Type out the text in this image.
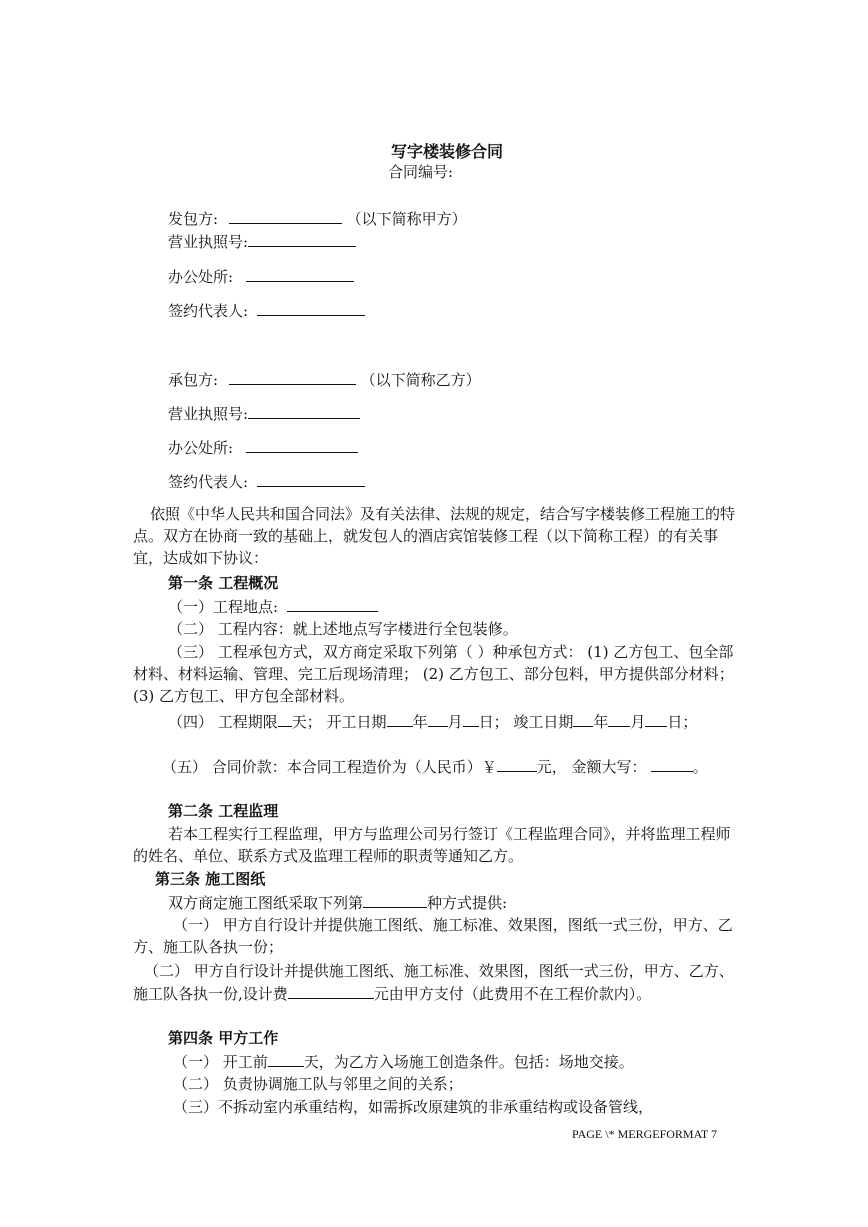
写字楼装修合同
合同编号:
发包方:	（以下简称甲方）
营业执照号:
办公处所:
签约代表人:
承包方:	（以下简称乙方）
营业执照号:
办公处所:
签约代表人:
依照《中华人民共和国合同法》及有关法律、法规的规定，结合写字楼装修工程施工的特点。双方在协商一致的基础上，就发包人的酒店宾馆装修工程（以下简称工程）的有关事宜，达成如下协议：
第一条 工程概况
（一）工程地点:
（二） 工程内容：就上述地点写字楼进行全包装修。
（三） 工程承包方式，双方商定采取下列第（ ）种承包方式： (1) 乙方包工、包全部材料、材料运输、管理、完工后现场清理； (2) 乙方包工、部分包料，甲方提供部分材料； (3) 乙方包工、甲方包全部材料。
（四） 工程期限 天； 开工日期 年 月 日； 竣工日期 年 月 日；
（五） 合同价款：本合同工程造价为（人民币）￥	元， 金额大写：	。
第二条 工程监理
若本工程实行工程监理，甲方与监理公司另行签订《工程监理合同》，并将监理工程师的姓名、单位、联系方式及监理工程师的职责等通知乙方。
第三条 施工图纸
双方商定施工图纸采取下列第	种方式提供:
（一） 甲方自行设计并提供施工图纸、施工标准、效果图，图纸一式三份，甲方、乙方、施工队各执一份；
（二） 甲方自行设计并提供施工图纸、施工标准、效果图，图纸一式三份，甲方、乙方、施工队各执一份,设计费	元由甲方支付（此费用不在工程价款内）。
第四条 甲方工作
（一） 开工前 天，为乙方入场施工创造条件。包括：场地交接。
（二） 负责协调施工队与邻里之间的关系；
（三）不拆动室内承重结构，如需拆改原建筑的非承重结构或设备管线，
PAGE \* MERGEFORMAT 7
